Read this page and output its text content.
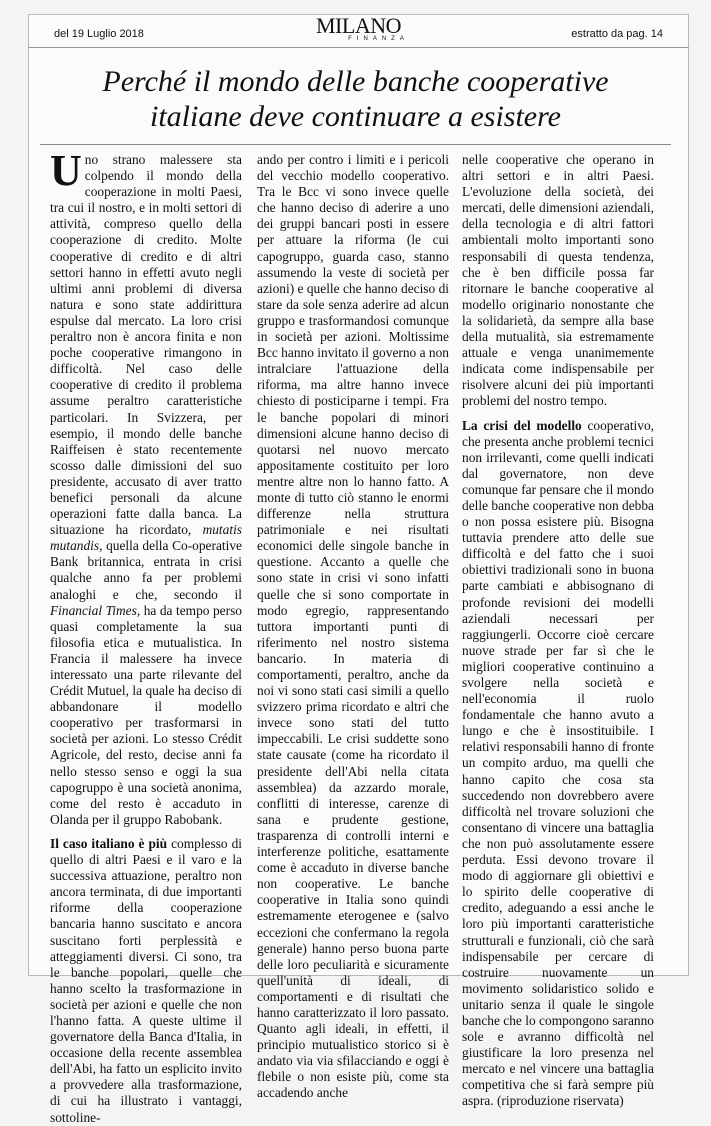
del 19 Luglio 2018	MILANO
FINANZA	estratto da pag. 14
Perché il mondo delle banche cooperative
italiane deve continuare a esistere

Uno strano malessere sta colpendo il mondo della cooperazione in molti Paesi, tra cui il nostro, e in molti settori di attività, compreso quello della cooperazione di credito. Molte cooperative di credito e di altri settori hanno in effetti avuto negli ultimi anni problemi di diversa natura e sono state addirittura espulse dal mercato. La loro crisi peraltro non è ancora finita e non poche cooperative rimangono in difficoltà. Nel caso delle cooperative di credito il problema assume peraltro caratteristiche particolari. In Svizzera, per esempio, il mondo delle banche Raiffeisen è stato recentemente scosso dalle dimissioni del suo presidente, accusato di aver tratto benefici personali da alcune operazioni fatte dalla banca. La situazione ha ricordato, mutatis mutandis, quella della Co-operative Bank britannica, entrata in crisi qualche anno fa per problemi analoghi e che, secondo il Financial Times, ha da tempo perso quasi completamente la sua filosofia etica e mutualistica. In Francia il malessere ha invece interessato una parte rilevante del Crédit Mutuel, la quale ha deciso di abbandonare il modello cooperativo per trasformarsi in società per azioni. Lo stesso Crédit Agricole, del resto, decise anni fa nello stesso senso e oggi la sua capogruppo è una società anonima, come del resto è accaduto in Olanda per il gruppo Rabobank.

Il caso italiano è più complesso di quello di altri Paesi e il varo e la successiva attuazione, peraltro non ancora terminata, di due importanti riforme della cooperazione bancaria hanno suscitato e ancora suscitano forti perplessità e atteggiamenti diversi. Ci sono, tra le banche popolari, quelle che hanno scelto la trasformazione in società per azioni e quelle che non l'hanno fatta. A queste ultime il governatore della Banca d'Italia, in occasione della recente assemblea dell'Abi, ha fatto un esplicito invito a provvedere alla trasformazione, di cui ha illustrato i vantaggi, sottoline-

ando per contro i limiti e i pericoli del vecchio modello cooperativo. Tra le Bcc vi sono invece quelle che hanno deciso di aderire a uno dei gruppi bancari posti in essere per attuare la riforma (le cui capogruppo, guarda caso, stanno assumendo la veste di società per azioni) e quelle che hanno deciso di stare da sole senza aderire ad alcun gruppo e trasformandosi comunque in società per azioni. Moltissime Bcc hanno invitato il governo a non intralciare l'attuazione della riforma, ma altre hanno invece chiesto di posticiparne i tempi. Fra le banche popolari di minori dimensioni alcune hanno deciso di quotarsi nel nuovo mercato appositamente costituito per loro mentre altre non lo hanno fatto. A monte di tutto ciò stanno le enormi differenze nella struttura patrimoniale e nei risultati economici delle singole banche in questione. Accanto a quelle che sono state in crisi vi sono infatti quelle che si sono comportate in modo egregio, rappresentando tuttora importanti punti di riferimento nel nostro sistema bancario. In materia di comportamenti, peraltro, anche da noi vi sono stati casi simili a quello svizzero prima ricordato e altri che invece sono stati del tutto impeccabili. Le crisi suddette sono state causate (come ha ricordato il presidente dell'Abi nella citata assemblea) da azzardo morale, conflitti di interesse, carenze di sana e prudente gestione, trasparenza di controlli interni e interferenze politiche, esattamente come è accaduto in diverse banche non cooperative. Le banche cooperative in Italia sono quindi estremamente eterogenee e (salvo eccezioni che confermano la regola generale) hanno perso buona parte delle loro peculiarità e sicuramente quell'unità di ideali, di comportamenti e di risultati che hanno caratterizzato il loro passato. Quanto agli ideali, in effetti, il principio mutualistico storico si è andato via via sfilacciando e oggi è flebile o non esiste più, come sta accadendo anche

nelle cooperative che operano in altri settori e in altri Paesi. L'evoluzione della società, dei mercati, delle dimensioni aziendali, della tecnologia e di altri fattori ambientali molto importanti sono responsabili di questa tendenza, che è ben difficile possa far ritornare le banche cooperative al modello originario nonostante che la solidarietà, da sempre alla base della mutualità, sia estremamente attuale e venga unanimemente indicata come indispensabile per risolvere alcuni dei più importanti problemi del nostro tempo.

La crisi del modello cooperativo, che presenta anche problemi tecnici non irrilevanti, come quelli indicati dal governatore, non deve comunque far pensare che il mondo delle banche cooperative non debba o non possa esistere più. Bisogna tuttavia prendere atto delle sue difficoltà e del fatto che i suoi obiettivi tradizionali sono in buona parte cambiati e abbisognano di profonde revisioni dei modelli aziendali necessari per raggiungerli. Occorre cioè cercare nuove strade per far sì che le migliori cooperative continuino a svolgere nella società e nell'economia il ruolo fondamentale che hanno avuto a lungo e che è insostituibile. I relativi responsabili hanno di fronte un compito arduo, ma quelli che hanno capito che cosa sta succedendo non dovrebbero avere difficoltà nel trovare soluzioni che consentano di vincere una battaglia che non può assolutamente essere perduta. Essi devono trovare il modo di aggiornare gli obiettivi e lo spirito delle cooperative di credito, adeguando a essi anche le loro più importanti caratteristiche strutturali e funzionali, ciò che sarà indispensabile per cercare di costruire nuovamente un movimento solidaristico solido e unitario senza il quale le singole banche che lo compongono saranno sole e avranno difficoltà nel giustificare la loro presenza nel mercato e nel vincere una battaglia competitiva che si farà sempre più aspra. (riproduzione riservata)
